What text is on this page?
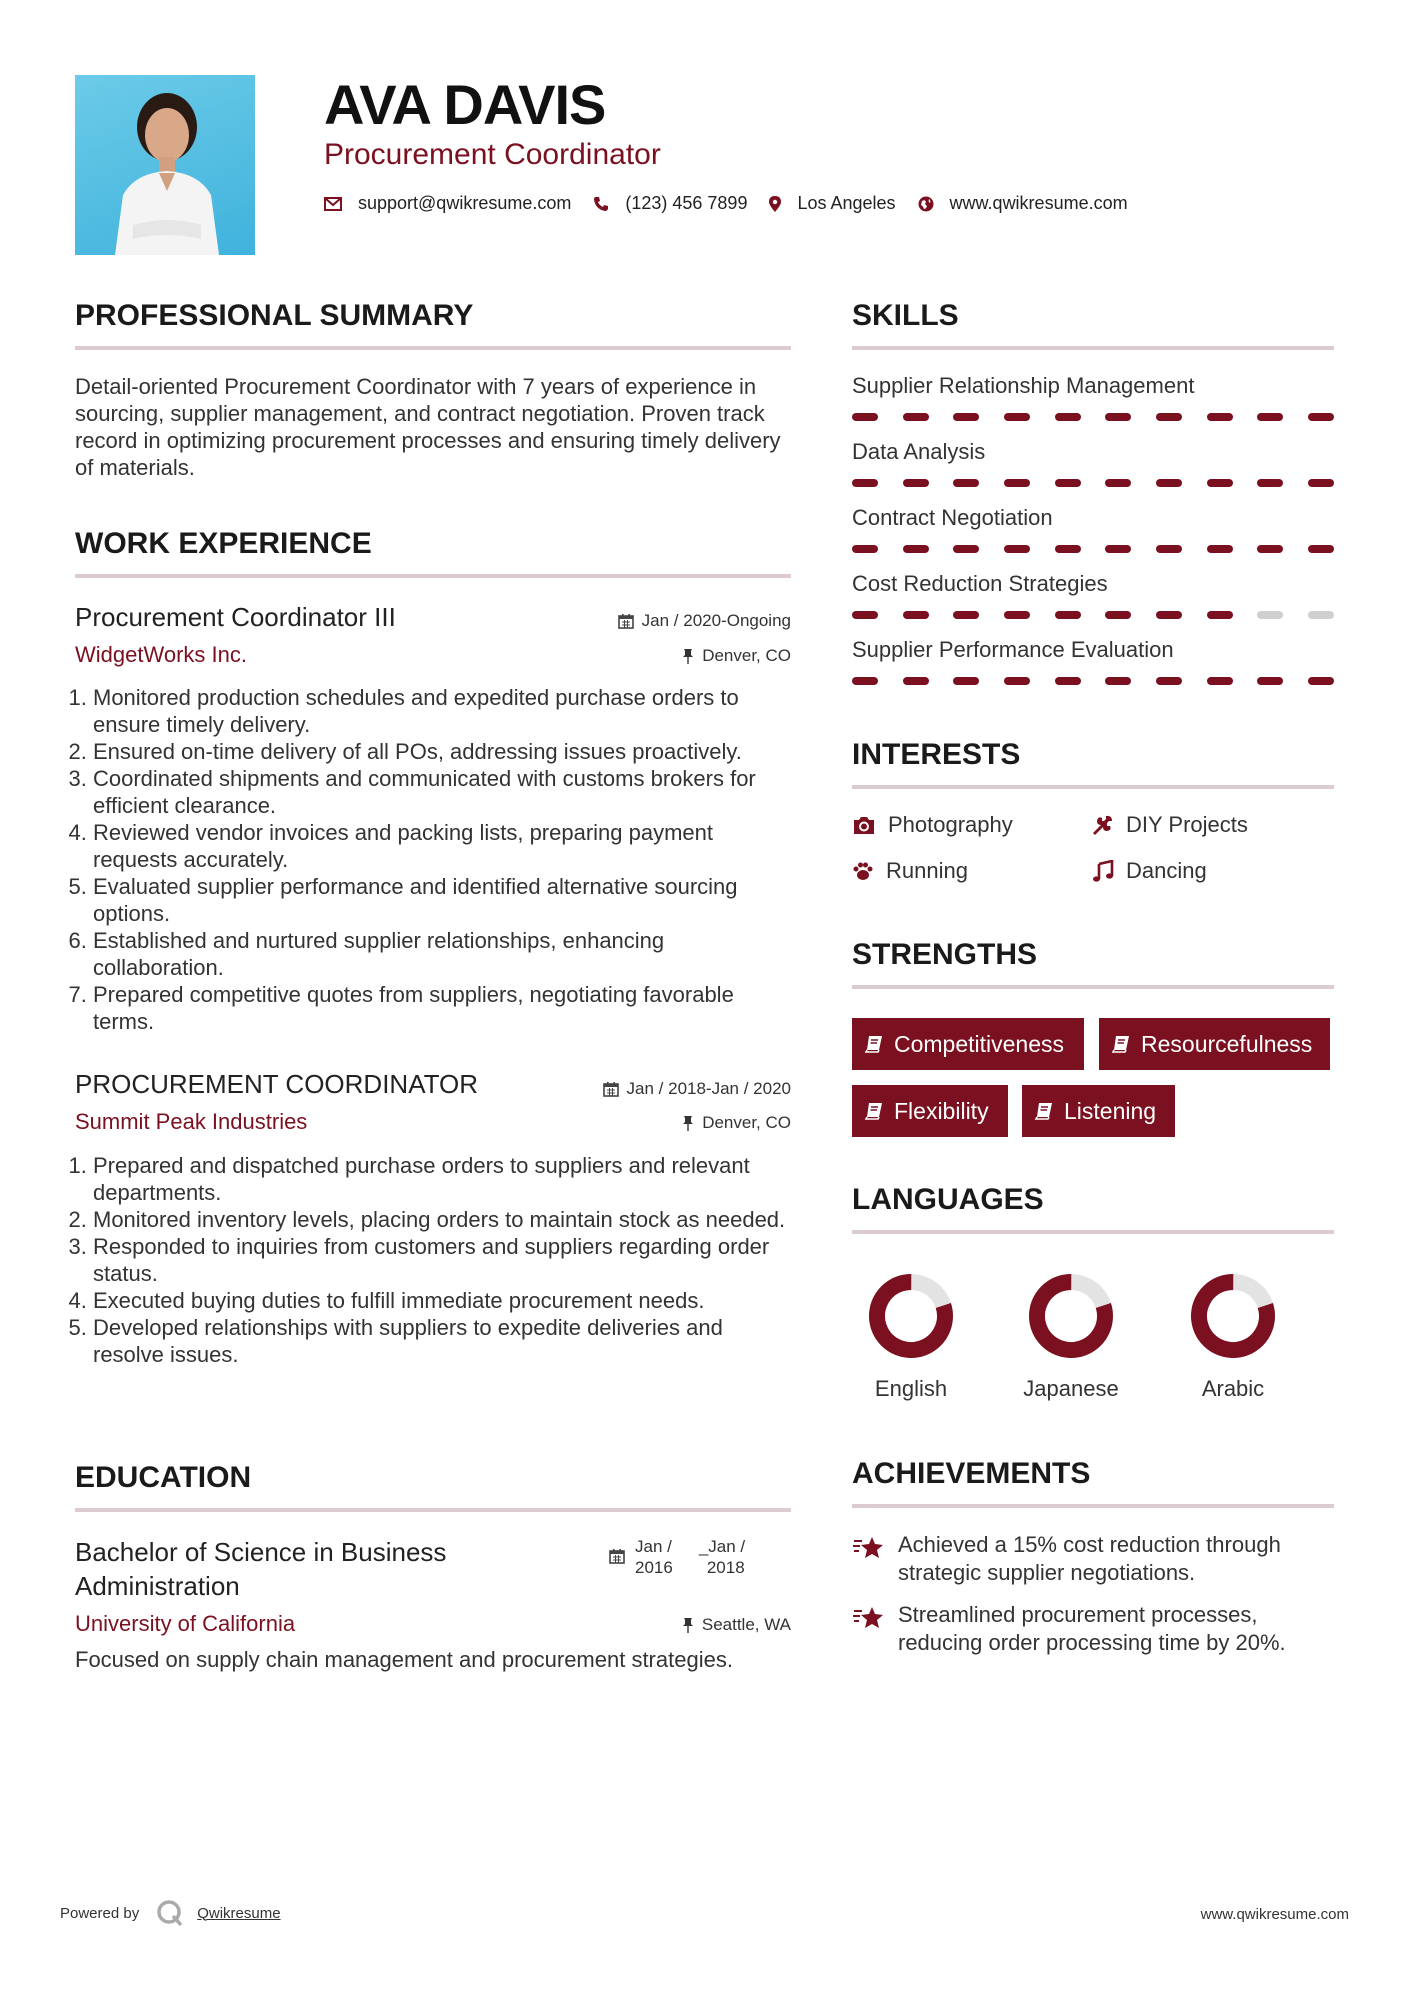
AVA DAVIS
Procurement Coordinator
support@qwikresume.com	(123) 456 7899	Los Angeles	www.qwikresume.com
PROFESSIONAL SUMMARY
Detail-oriented Procurement Coordinator with 7 years of experience in sourcing, supplier management, and contract negotiation. Proven track record in optimizing procurement processes and ensuring timely delivery of materials.
WORK EXPERIENCE
Procurement Coordinator III	Jan / 2020-Ongoing
WidgetWorks Inc.	Denver, CO
1. Monitored production schedules and expedited purchase orders to ensure timely delivery.
2. Ensured on-time delivery of all POs, addressing issues proactively.
3. Coordinated shipments and communicated with customs brokers for efficient clearance.
4. Reviewed vendor invoices and packing lists, preparing payment requests accurately.
5. Evaluated supplier performance and identified alternative sourcing options.
6. Established and nurtured supplier relationships, enhancing collaboration.
7. Prepared competitive quotes from suppliers, negotiating favorable terms.
PROCUREMENT COORDINATOR	Jan / 2018-Jan / 2020
Summit Peak Industries	Denver, CO
1. Prepared and dispatched purchase orders to suppliers and relevant departments.
2. Monitored inventory levels, placing orders to maintain stock as needed.
3. Responded to inquiries from customers and suppliers regarding order status.
4. Executed buying duties to fulfill immediate procurement needs.
5. Developed relationships with suppliers to expedite deliveries and resolve issues.
EDUCATION
Bachelor of Science in Business
Administration
Jan /
2016
_Jan /
2018
University of California	Seattle, WA
Focused on supply chain management and procurement strategies.
SKILLS
Supplier Relationship Management
Data Analysis
Contract Negotiation
Cost Reduction Strategies
Supplier Performance Evaluation
INTERESTS
Photography	DIY Projects
Running	Dancing
STRENGTHS
Competitiveness	Resourcefulness
Flexibility	Listening
LANGUAGES
English	Japanese	Arabic
ACHIEVEMENTS
Achieved a 15% cost reduction through strategic supplier negotiations.
Streamlined procurement processes, reducing order processing time by 20%.
Powered by	Qwikresume	www.qwikresume.com
